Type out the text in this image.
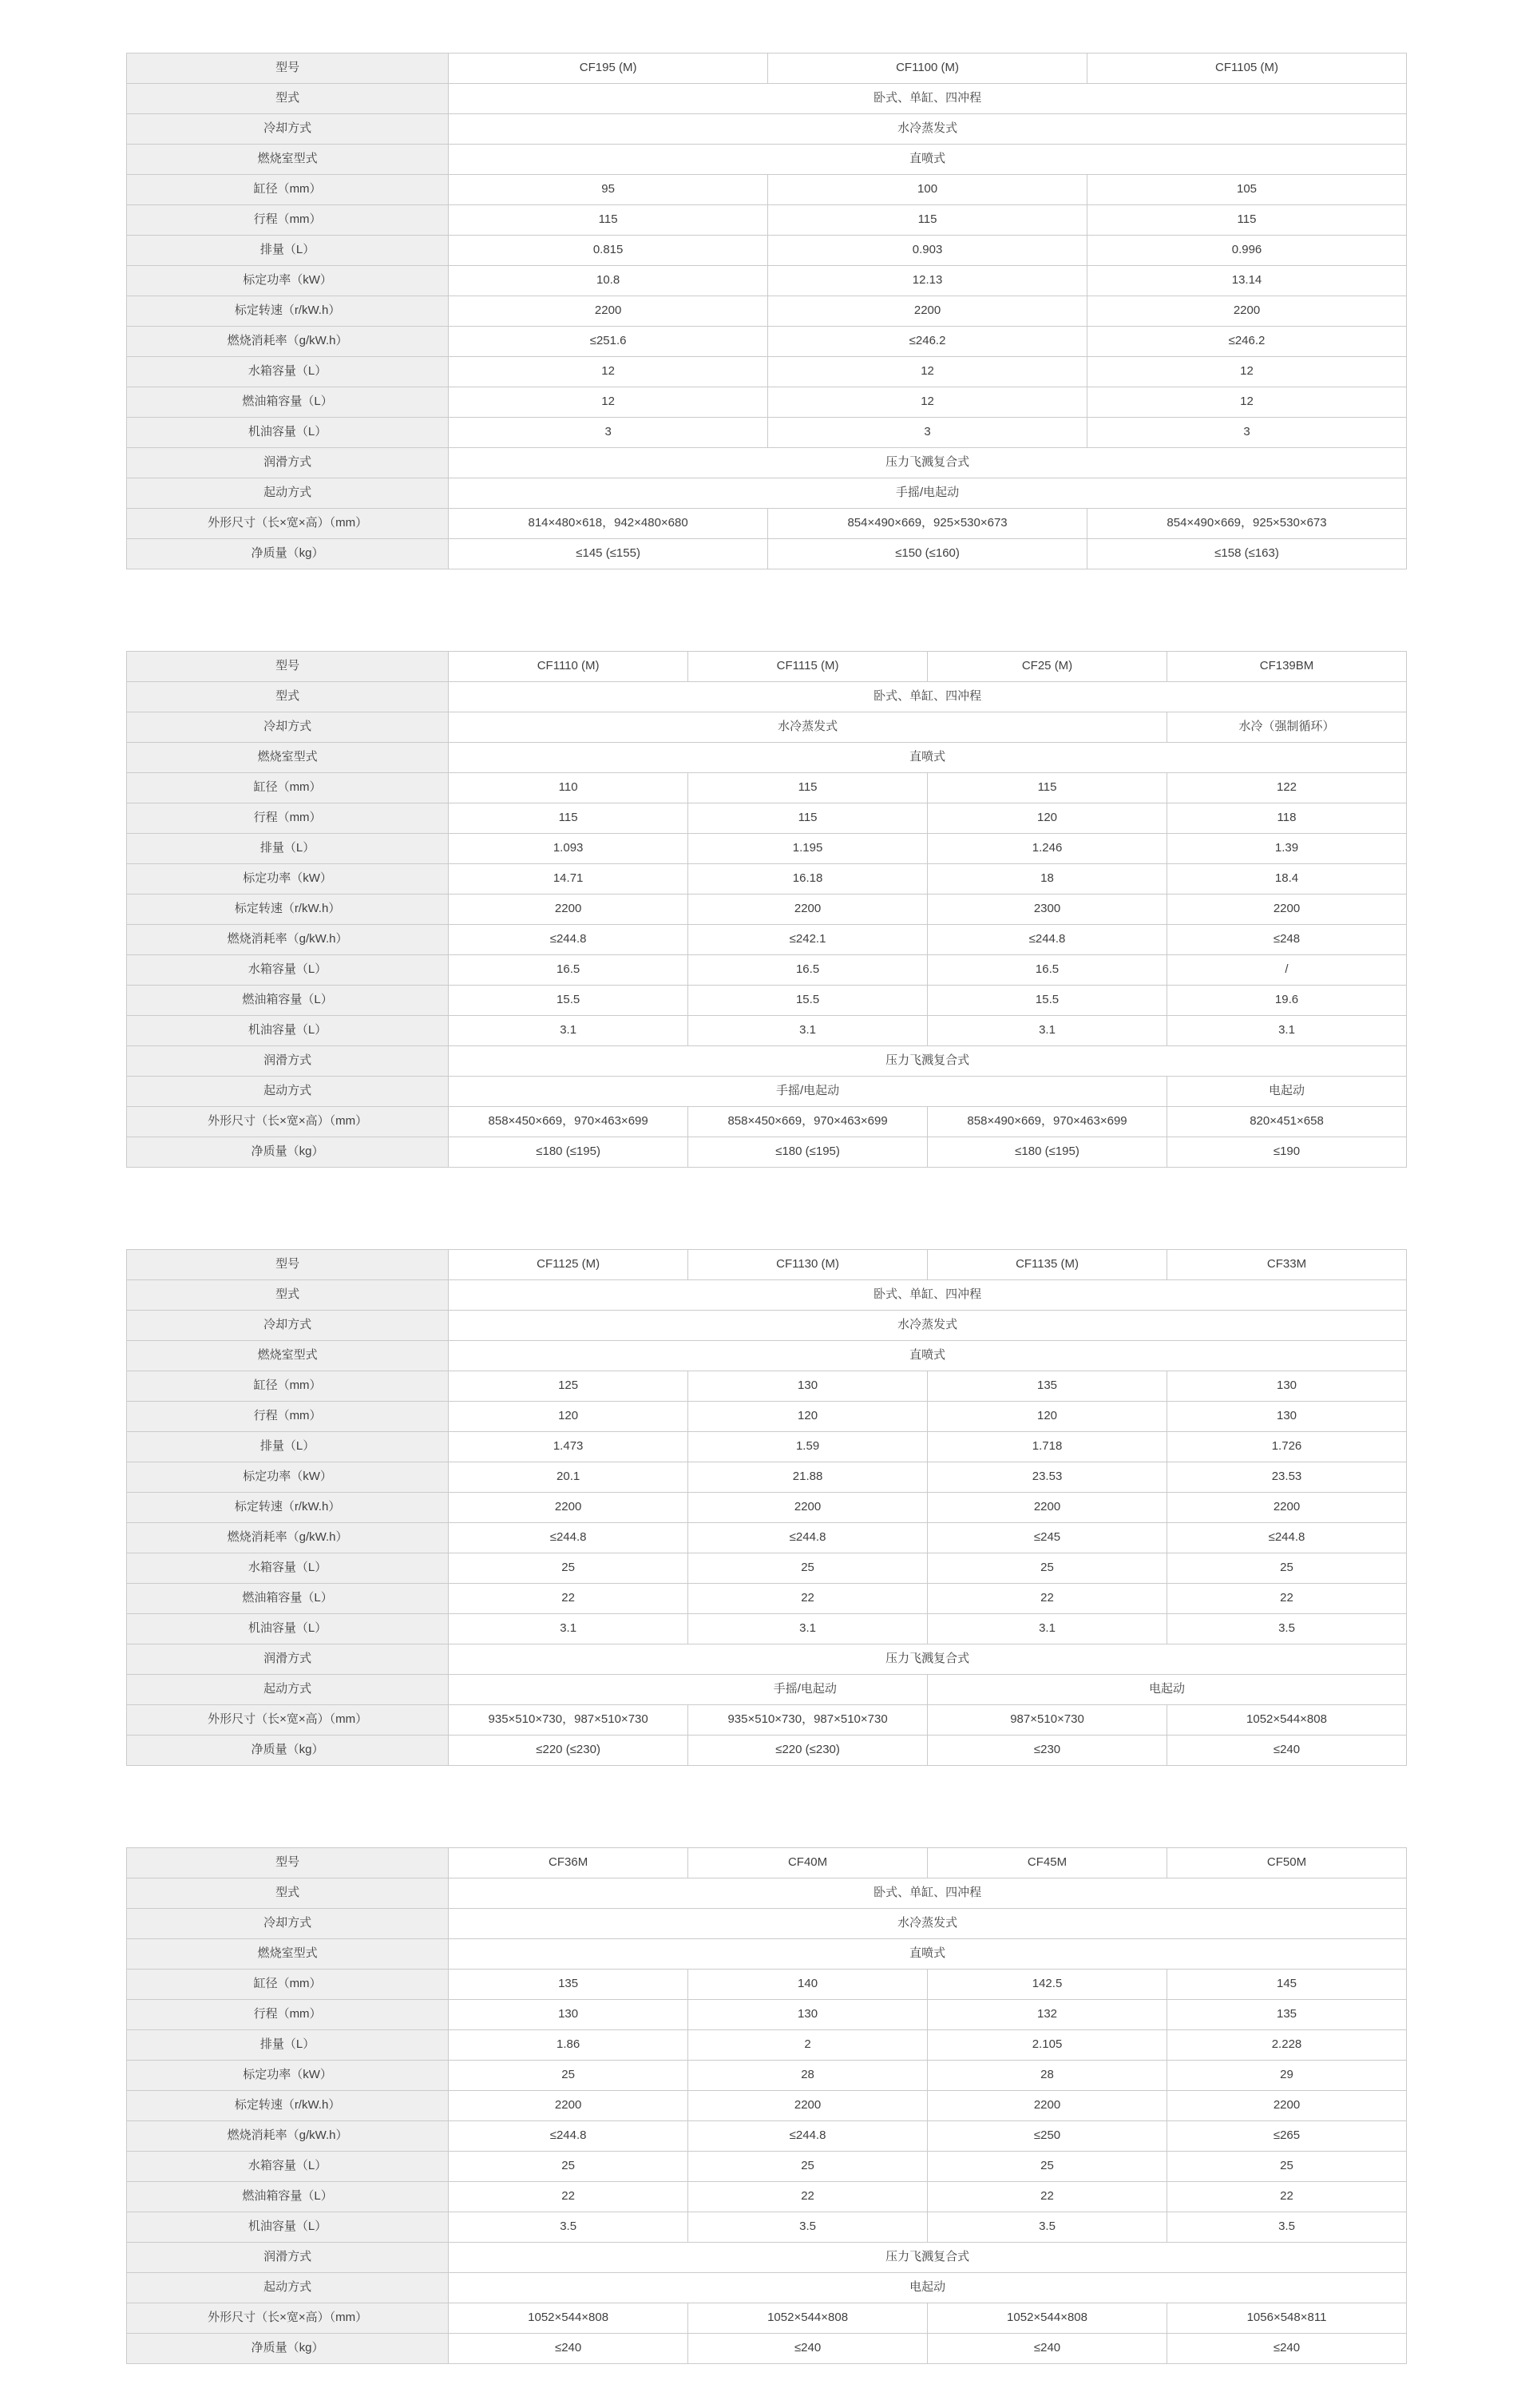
型号	CF195 (M)	CF1100 (M)	CF1105 (M)
型式	卧式、单缸、四冲程		
冷却方式	水冷蒸发式		
燃烧室型式	直喷式		
缸径（mm）	95	100	105
行程（mm）	115	115	115
排量（L）	0.815	0.903	0.996
标定功率（kW）	10.8	12.13	13.14
标定转速（r/kW.h）	2200	2200	2200
燃烧消耗率（g/kW.h）	≤251.6	≤246.2	≤246.2
水箱容量（L）	12	12	12
燃油箱容量（L）	12	12	12
机油容量（L）	3	3	3
润滑方式	压力飞溅复合式		
起动方式	手摇/电起动		
外形尺寸（长×宽×高）（mm）	814×480×618，942×480×680	854×490×669，925×530×673	854×490×669，925×530×673
净质量（kg）	≤145 (≤155)	≤150 (≤160)	≤158 (≤163)
型号	CF1110 (M)	CF1115 (M)	CF25 (M)	CF139BM
型式	卧式、单缸、四冲程			
冷却方式	水冷蒸发式			水冷（强制循环）
燃烧室型式	直喷式			
缸径（mm）	110	115	115	122
行程（mm）	115	115	120	118
排量（L）	1.093	1.195	1.246	1.39
标定功率（kW）	14.71	16.18	18	18.4
标定转速（r/kW.h）	2200	2200	2300	2200
燃烧消耗率（g/kW.h）	≤244.8	≤242.1	≤244.8	≤248
水箱容量（L）	16.5	16.5	16.5	/
燃油箱容量（L）	15.5	15.5	15.5	19.6
机油容量（L）	3.1	3.1	3.1	3.1
润滑方式	压力飞溅复合式			
起动方式	手摇/电起动			电起动
外形尺寸（长×宽×高）（mm）	858×450×669，970×463×699	858×450×669，970×463×699	858×490×669，970×463×699	820×451×658
净质量（kg）	≤180 (≤195)	≤180 (≤195)	≤180 (≤195)	≤190
型号	CF1125 (M)	CF1130 (M)	CF1135 (M)	CF33M
型式	卧式、单缸、四冲程			
冷却方式	水冷蒸发式			
燃烧室型式	直喷式			
缸径（mm）	125	130	135	130
行程（mm）	120	120	120	130
排量（L）	1.473	1.59	1.718	1.726
标定功率（kW）	20.1	21.88	23.53	23.53
标定转速（r/kW.h）	2200	2200	2200	2200
燃烧消耗率（g/kW.h）	≤244.8	≤244.8	≤245	≤244.8
水箱容量（L）	25	25	25	25
燃油箱容量（L）	22	22	22	22
机油容量（L）	3.1	3.1	3.1	3.5
润滑方式	压力飞溅复合式			
起动方式	手摇/电起动		电起动	
外形尺寸（长×宽×高）（mm）	935×510×730，987×510×730	935×510×730，987×510×730	987×510×730	1052×544×808
净质量（kg）	≤220 (≤230)	≤220 (≤230)	≤230	≤240
型号	CF36M	CF40M	CF45M	CF50M
型式	卧式、单缸、四冲程			
冷却方式	水冷蒸发式			
燃烧室型式	直喷式			
缸径（mm）	135	140	142.5	145
行程（mm）	130	130	132	135
排量（L）	1.86	2	2.105	2.228
标定功率（kW）	25	28	28	29
标定转速（r/kW.h）	2200	2200	2200	2200
燃烧消耗率（g/kW.h）	≤244.8	≤244.8	≤250	≤265
水箱容量（L）	25	25	25	25
燃油箱容量（L）	22	22	22	22
机油容量（L）	3.5	3.5	3.5	3.5
润滑方式	压力飞溅复合式			
起动方式	电起动			
外形尺寸（长×宽×高）（mm）	1052×544×808	1052×544×808	1052×544×808	1056×548×811
净质量（kg）	≤240	≤240	≤240	≤240
